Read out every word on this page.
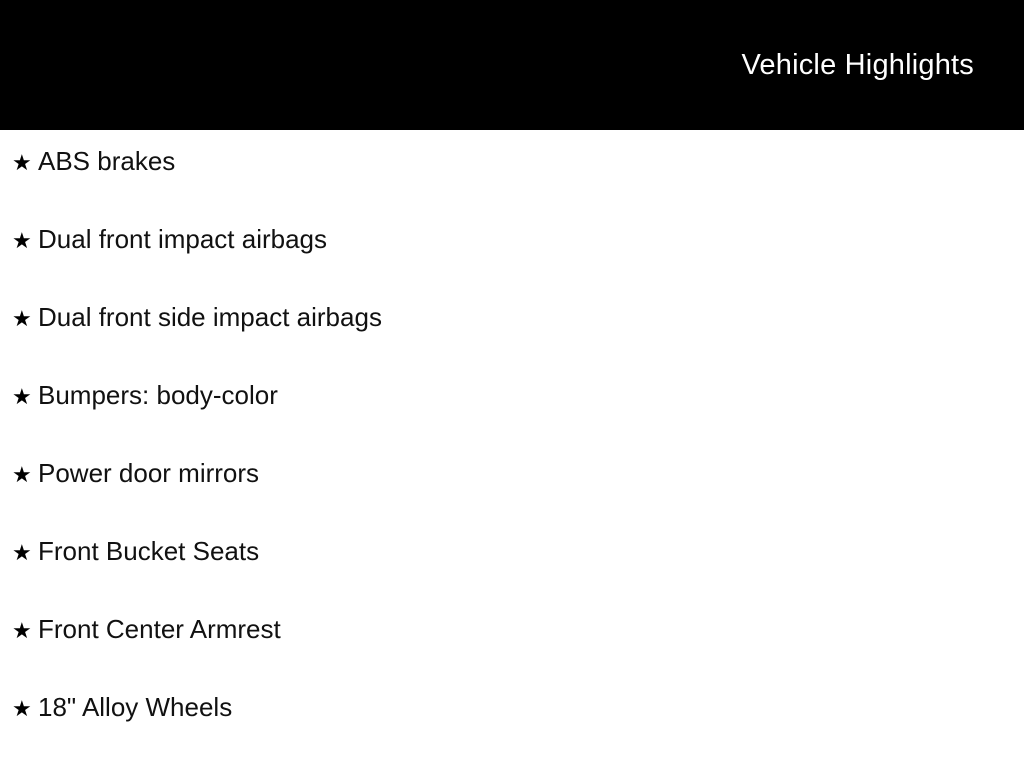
Vehicle Highlights
★ ABS brakes
★ Dual front impact airbags
★ Dual front side impact airbags
★ Bumpers: body-color
★ Power door mirrors
★ Front Bucket Seats
★ Front Center Armrest
★ 18" Alloy Wheels
